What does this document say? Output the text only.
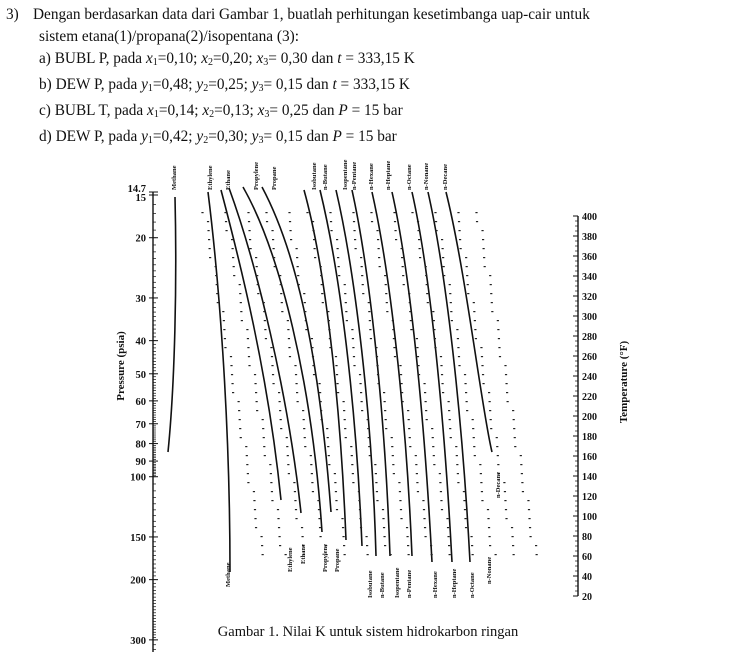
3) Dengan berdasarkan data dari Gambar 1, buatlah perhitungan kesetimbanga uap-cair untuk
sistem etana(1)/propana(2)/isopentana (3):
a) BUBL P, pada $x_1=0,10$; $x_2=0,20$; $x_3= 0,30$ dan t = 333,15 K
b) DEW P, pada $y_1=0,48$; $y_2=0,25$; $y_3= 0,15$ dan t = 333,15 K
c) BUBL T, pada $x_1=0,14$; $x_2=0,13$; $x_3= 0,25$ dan P = 15 bar
d) DEW P, pada $y_1=0,42$; $y_2=0,30$; $y_3= 0,15$ dan P = 15 bar
14.7
15
20
30
40
50
60
70
80
90
100
150
200
300
Pressure (psia)
400
380
360
340
320
300
280
260
240
220
200
180
160
140
120
100
80
60
40
20
Temperature (°F)
Methane	Ethylene Ethane	Propylene Propane	Isobutane n-Butane Isopentane n-Pentane n-Hexane n-Heptane n-Octane n-Nonane n-Decane
Methane
Ethylene Ethane Propylene Propane
Isobutane n-Butane Isopentane n-Pentane	n-Hexane n-Heptane n-Octane
n-Nonane
n-Decane
Gambar 1. Nilai K untuk sistem hidrokarbon ringan
